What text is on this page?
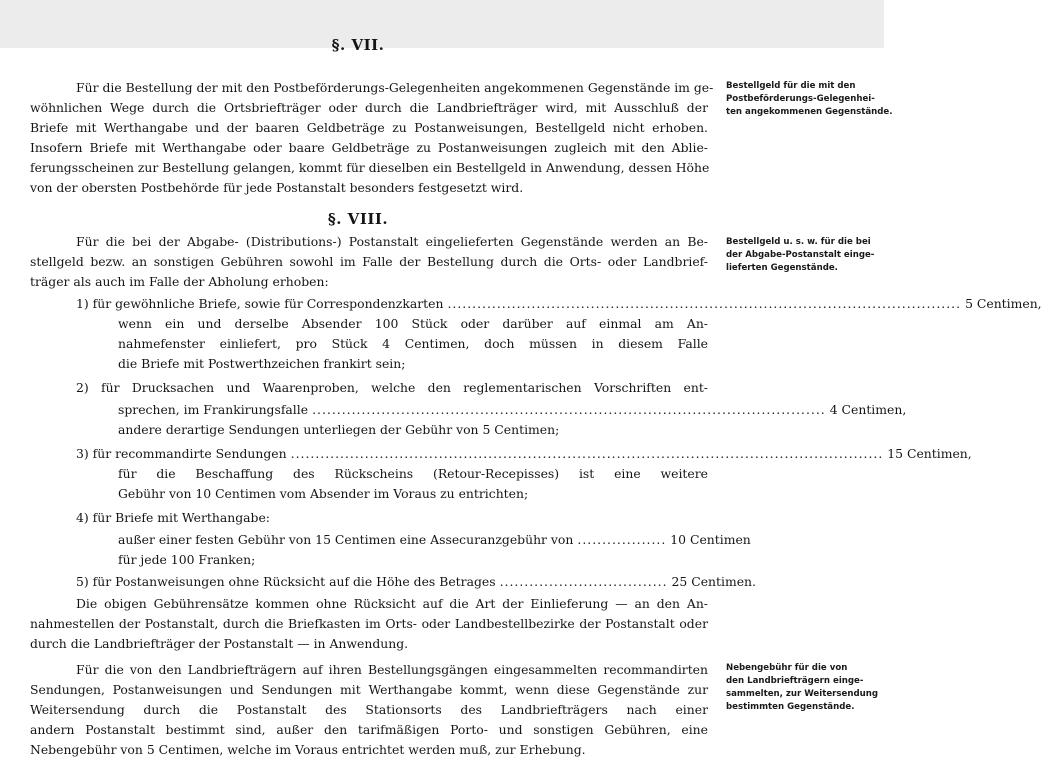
§. VII.
Für die Bestellung der mit den Postbeförderungs-Gelegenheiten angekommenen Gegenstände im ge-
wöhnlichen Wege durch die Ortsbriefträger oder durch die Landbriefträger wird, mit Ausschluß der
Briefe mit Werthangabe und der baaren Geldbeträge zu Postanweisungen, Bestellgeld nicht erhoben.
Insofern Briefe mit Werthangabe oder baare Geldbeträge zu Postanweisungen zugleich mit den Ablie-
ferungsscheinen zur Bestellung gelangen, kommt für dieselben ein Bestellgeld in Anwendung, dessen Höhe
von der obersten Postbehörde für jede Postanstalt besonders festgesetzt wird.
Bestellgeld für die mit den
Postbeförderungs-Gelegenhei-
ten angekommenen Gegenstände.
§. VIII.
Für die bei der Abgabe- (Distributions-) Postanstalt eingelieferten Gegenstände werden an Be-
stellgeld bezw. an sonstigen Gebühren sowohl im Falle der Bestellung durch die Orts- oder Landbrief-
träger als auch im Falle der Abholung erhoben:
Bestellgeld u. s. w. für die bei
der Abgabe-Postanstalt einge-
lieferten Gegenstände.
1) für gewöhnliche Briefe, sowie für Correspondenzkarten ........................................................................................................ 5 Centimen,
wenn ein und derselbe Absender 100 Stück oder darüber auf einmal am An-
nahmefenster einliefert, pro Stück 4 Centimen, doch müssen in diesem Falle
die Briefe mit Postwerthzeichen frankirt sein;
2) für Drucksachen und Waarenproben, welche den reglementarischen Vorschriften ent-
sprechen, im Frankirungsfalle ........................................................................................................ 4 Centimen,
andere derartige Sendungen unterliegen der Gebühr von 5 Centimen;
3) für recommandirte Sendungen ........................................................................................................................ 15 Centimen,
für die Beschaffung des Rückscheins (Retour-Recepisses) ist eine weitere
Gebühr von 10 Centimen vom Absender im Voraus zu entrichten;
4) für Briefe mit Werthangabe:
außer einer festen Gebühr von 15 Centimen eine Assecuranzgebühr von .................. 10 Centimen
für jede 100 Franken;
5) für Postanweisungen ohne Rücksicht auf die Höhe des Betrages .................................. 25 Centimen.
Die obigen Gebührensätze kommen ohne Rücksicht auf die Art der Einlieferung — an den An-
nahmestellen der Postanstalt, durch die Briefkasten im Orts- oder Landbestellbezirke der Postanstalt oder
durch die Landbriefträger der Postanstalt — in Anwendung.
Für die von den Landbriefträgern auf ihren Bestellungsgängen eingesammelten recommandirten
Sendungen, Postanweisungen und Sendungen mit Werthangabe kommt, wenn diese Gegenstände zur
Weitersendung durch die Postanstalt des Stationsorts des Landbriefträgers nach einer
andern Postanstalt bestimmt sind, außer den tarifmäßigen Porto- und sonstigen Gebühren, eine
Nebengebühr von 5 Centimen, welche im Voraus entrichtet werden muß, zur Erhebung.
Nebengebühr für die von
den Landbriefträgern einge-
sammelten, zur Weitersendung
bestimmten Gegenstände.
